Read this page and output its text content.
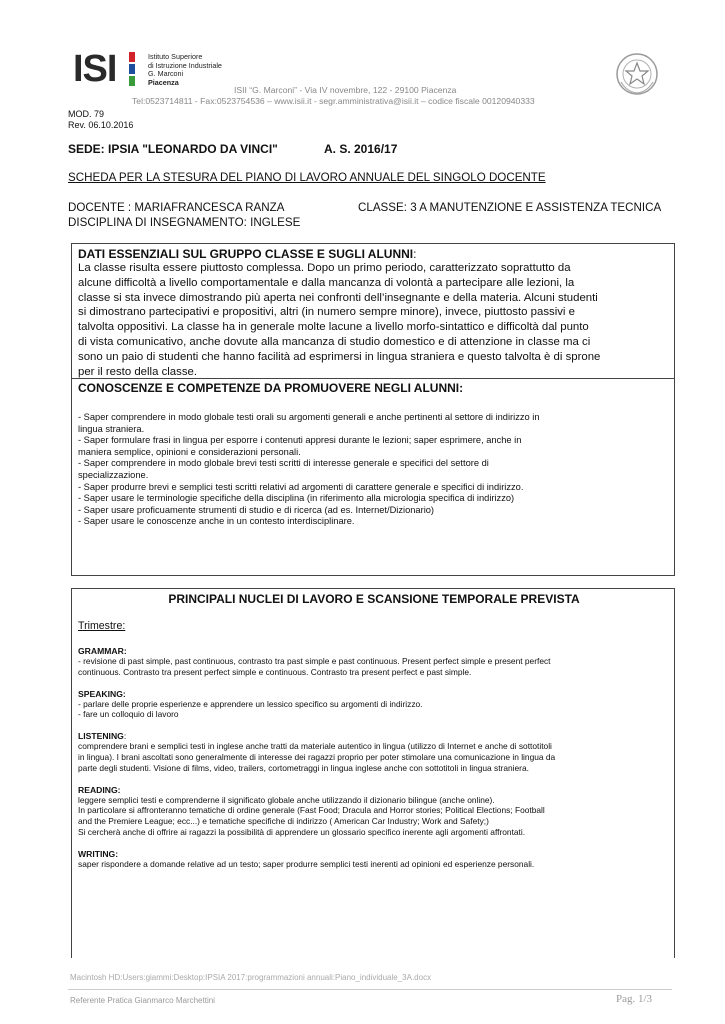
ISI	Istituto Superiore
di Istruzione Industriale
G. Marconi
Piacenza
ISII “G. Marconi” - Via IV novembre, 122 - 29100 Piacenza
Tel:0523714811 - Fax:0523754536 – www.isii.it - segr.amministrativa@isii.it – codice fiscale 00120940333
MOD. 79
Rev. 06.10.2016
SEDE: IPSIA "LEONARDO DA VINCI"	A. S. 2016/17
SCHEDA PER LA STESURA DEL PIANO DI LAVORO ANNUALE DEL SINGOLO DOCENTE
DOCENTE : MARIAFRANCESCA RANZA	CLASSE: 3 A MANUTENZIONE E ASSISTENZA TECNICA
DISCIPLINA DI INSEGNAMENTO: INGLESE
DATI ESSENZIALI SUL GRUPPO CLASSE E SUGLI ALUNNI:
La classe risulta essere piuttosto complessa. Dopo un primo periodo, caratterizzato soprattutto da
alcune difficoltà a livello comportamentale e dalla mancanza di volontà a partecipare alle lezioni, la
classe si sta invece dimostrando più aperta nei confronti dell’insegnante e della materia. Alcuni studenti
si dimostrano partecipativi e propositivi, altri (in numero sempre minore), invece, piuttosto passivi e
talvolta oppositivi. La classe ha in generale molte lacune a livello morfo-sintattico e difficoltà dal punto
di vista comunicativo, anche dovute alla mancanza di studio domestico e di attenzione in classe ma ci
sono un paio di studenti che hanno facilità ad esprimersi in lingua straniera e questo talvolta è di sprone
per il resto della classe.
CONOSCENZE E COMPETENZE DA PROMUOVERE NEGLI ALUNNI:
- Saper comprendere in modo globale testi orali su argomenti generali e anche pertinenti al settore di indirizzo in
lingua straniera.
- Saper formulare frasi in lingua per esporre i contenuti appresi durante le lezioni; saper esprimere, anche in
maniera semplice, opinioni e considerazioni personali.
- Saper comprendere in modo globale brevi testi scritti di interesse generale e specifici del settore di
specializzazione.
- Saper produrre brevi e semplici testi scritti relativi ad argomenti di carattere generale e specifici di indirizzo.
- Saper usare le terminologie specifiche della disciplina (in riferimento alla micrologia specifica di indirizzo)
- Saper usare proficuamente strumenti di studio e di ricerca (ad es. Internet/Dizionario)
- Saper usare le conoscenze anche in un contesto interdisciplinare.
PRINCIPALI NUCLEI DI LAVORO E SCANSIONE TEMPORALE PREVISTA
Trimestre:
GRAMMAR:
- revisione di past simple, past continuous, contrasto tra past simple e past continuous. Present perfect simple e present perfect
continuous. Contrasto tra present perfect simple e continuous. Contrasto tra present perfect e past simple.
SPEAKING:
- parlare delle proprie esperienze e apprendere un lessico specifico su argomenti di indirizzo.
- fare un colloquio di lavoro
LISTENING:
comprendere brani e semplici testi in inglese anche tratti da materiale autentico in lingua (utilizzo di Internet e anche di sottotitoli
in lingua). I brani ascoltati sono generalmente di interesse dei ragazzi proprio per poter stimolare una comunicazione in lingua da
parte degli studenti. Visione di films, video, trailers, cortometraggi in lingua inglese anche con sottotitoli in lingua straniera.
READING:
leggere semplici testi e comprenderne il significato globale anche utilizzando il dizionario bilingue (anche online).
In particolare si affronteranno tematiche di ordine generale (Fast Food; Dracula and Horror stories; Political Elections; Football
and the Premiere League; ecc...) e tematiche specifiche di indirizzo ( American Car Industry; Work and Safety;)
Si cercherà anche di offrire ai ragazzi la possibilità di apprendere un glossario specifico inerente agli argomenti affrontati.
WRITING:
saper rispondere a domande relative ad un testo; saper produrre semplici testi inerenti ad opinioni ed esperienze personali.
Macintosh HD:Users:giammi:Desktop:IPSIA 2017:programmazioni annuali:Piano_individuale_3A.docx
Referente Pratica Gianmarco Marchettini	Pag. 1/3
